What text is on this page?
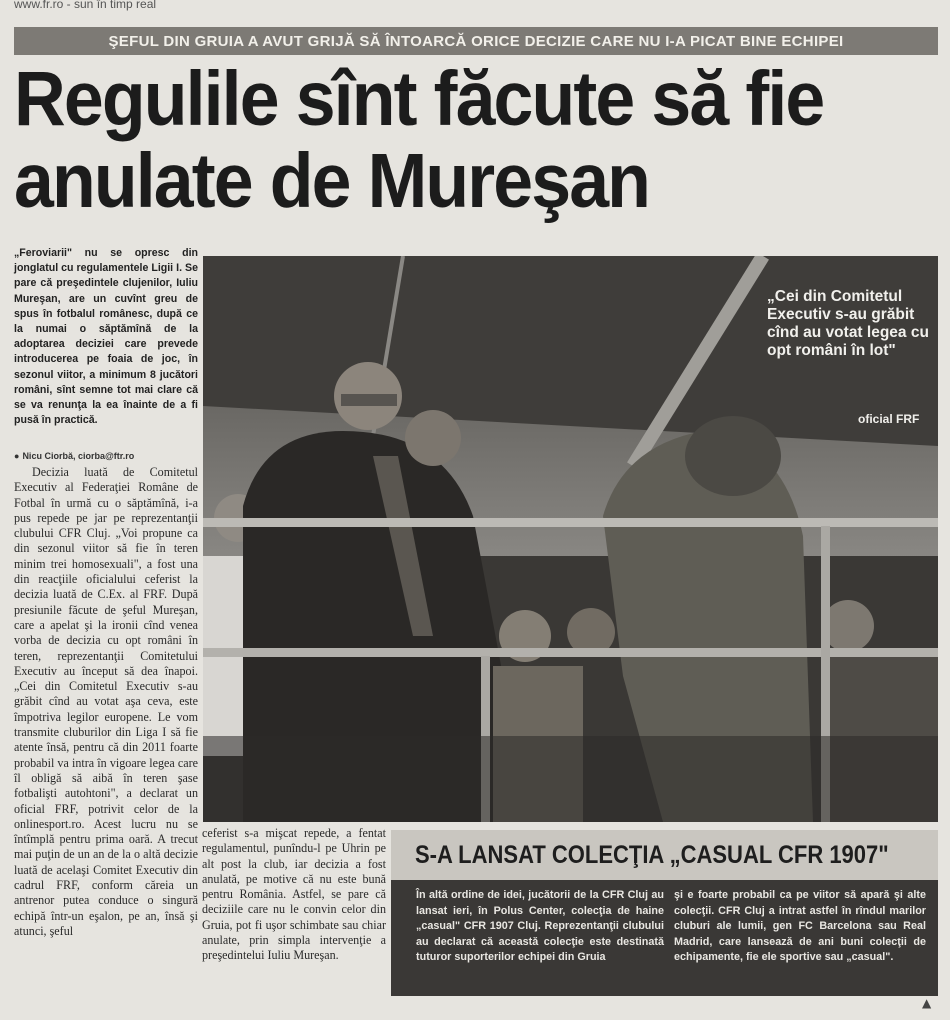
www.fr.ro - sun în timp real
ŞEFUL DIN GRUIA A AVUT GRIJĂ SĂ ÎNTOARCĂ ORICE DECIZIE CARE NU I-A PICAT BINE ECHIPEI
Regulile sînt făcute să fie anulate de Mureşan

„Feroviarii" nu se opresc din jonglatul cu regulamentele Ligii I. Se pare că preşedintele clujenilor, Iuliu Mureşan, are un cuvînt greu de spus în fotbalul românesc, după ce la numai o săptămînă de la adoptarea deciziei care prevede introducerea pe foaia de joc, în sezonul viitor, a minimum 8 jucători români, sînt semne tot mai clare că se va renunţa la ea înainte de a fi pusă în practică.

● Nicu Ciorbă, ciorba@ftr.ro

Decizia luată de Comitetul Executiv al Federaţiei Române de Fotbal în urmă cu o săptămînă, i-a pus repede pe jar pe reprezentanţii clubului CFR Cluj. „Voi propune ca din sezonul viitor să fie în teren minim trei homosexuali", a fost una din reacţiile oficialului ceferist la decizia luată de C.Ex. al FRF. După presiunile făcute de şeful Mureşan, care a apelat şi la ironii cînd venea vorba de decizia cu opt români în teren, reprezentanţii Comitetului Executiv au început să dea înapoi. „Cei din Comitetul Executiv s-au grăbit cînd au votat aşa ceva, este împotriva legilor europene. Le vom transmite cluburilor din Liga I să fie atente însă, pentru că din 2011 foarte probabil va intra în vigoare legea care îl obligă să aibă în teren şase fotbalişti autohtoni", a declarat un oficial FRF, potrivit celor de la onlinesport.ro. Acest lucru nu se întîmplă pentru prima oară. A trecut mai puţin de un an de la o altă decizie luată de acelaşi Comitet Executiv din cadrul FRF, conform căreia un antrenor putea conduce o singură echipă într-un eşalon, pe an, însă şi atunci, şeful

ceferist s-a mişcat repede, a fentat regulamentul, punîndu-l pe Uhrin pe alt post la club, iar decizia a fost anulată, pe motive că nu este bună pentru România. Astfel, se pare că deciziile care nu le convin celor din Gruia, pot fi uşor schimbate sau chiar anulate, prin simpla intervenţie a preşedintelui Iuliu Mureşan.

„Cei din Comitetul Executiv s-au grăbit cînd au votat legea cu opt români în lot"

oficial FRF
S-A LANSAT COLECŢIA „CASUAL CFR 1907"

În altă ordine de idei, jucătorii de la CFR Cluj au lansat ieri, în Polus Center, colecţia de haine „casual" CFR 1907 Cluj. Reprezentanţii clubului au declarat că această colecţie este destinată tuturor suporterilor echipei din Gruia

şi e foarte probabil ca pe viitor să apară şi alte colecţii. CFR Cluj a intrat astfel în rîndul marilor cluburi ale lumii, gen FC Barcelona sau Real Madrid, care lansează de ani buni colecţii de echipamente, fie ele sportive sau „casual".

▲
